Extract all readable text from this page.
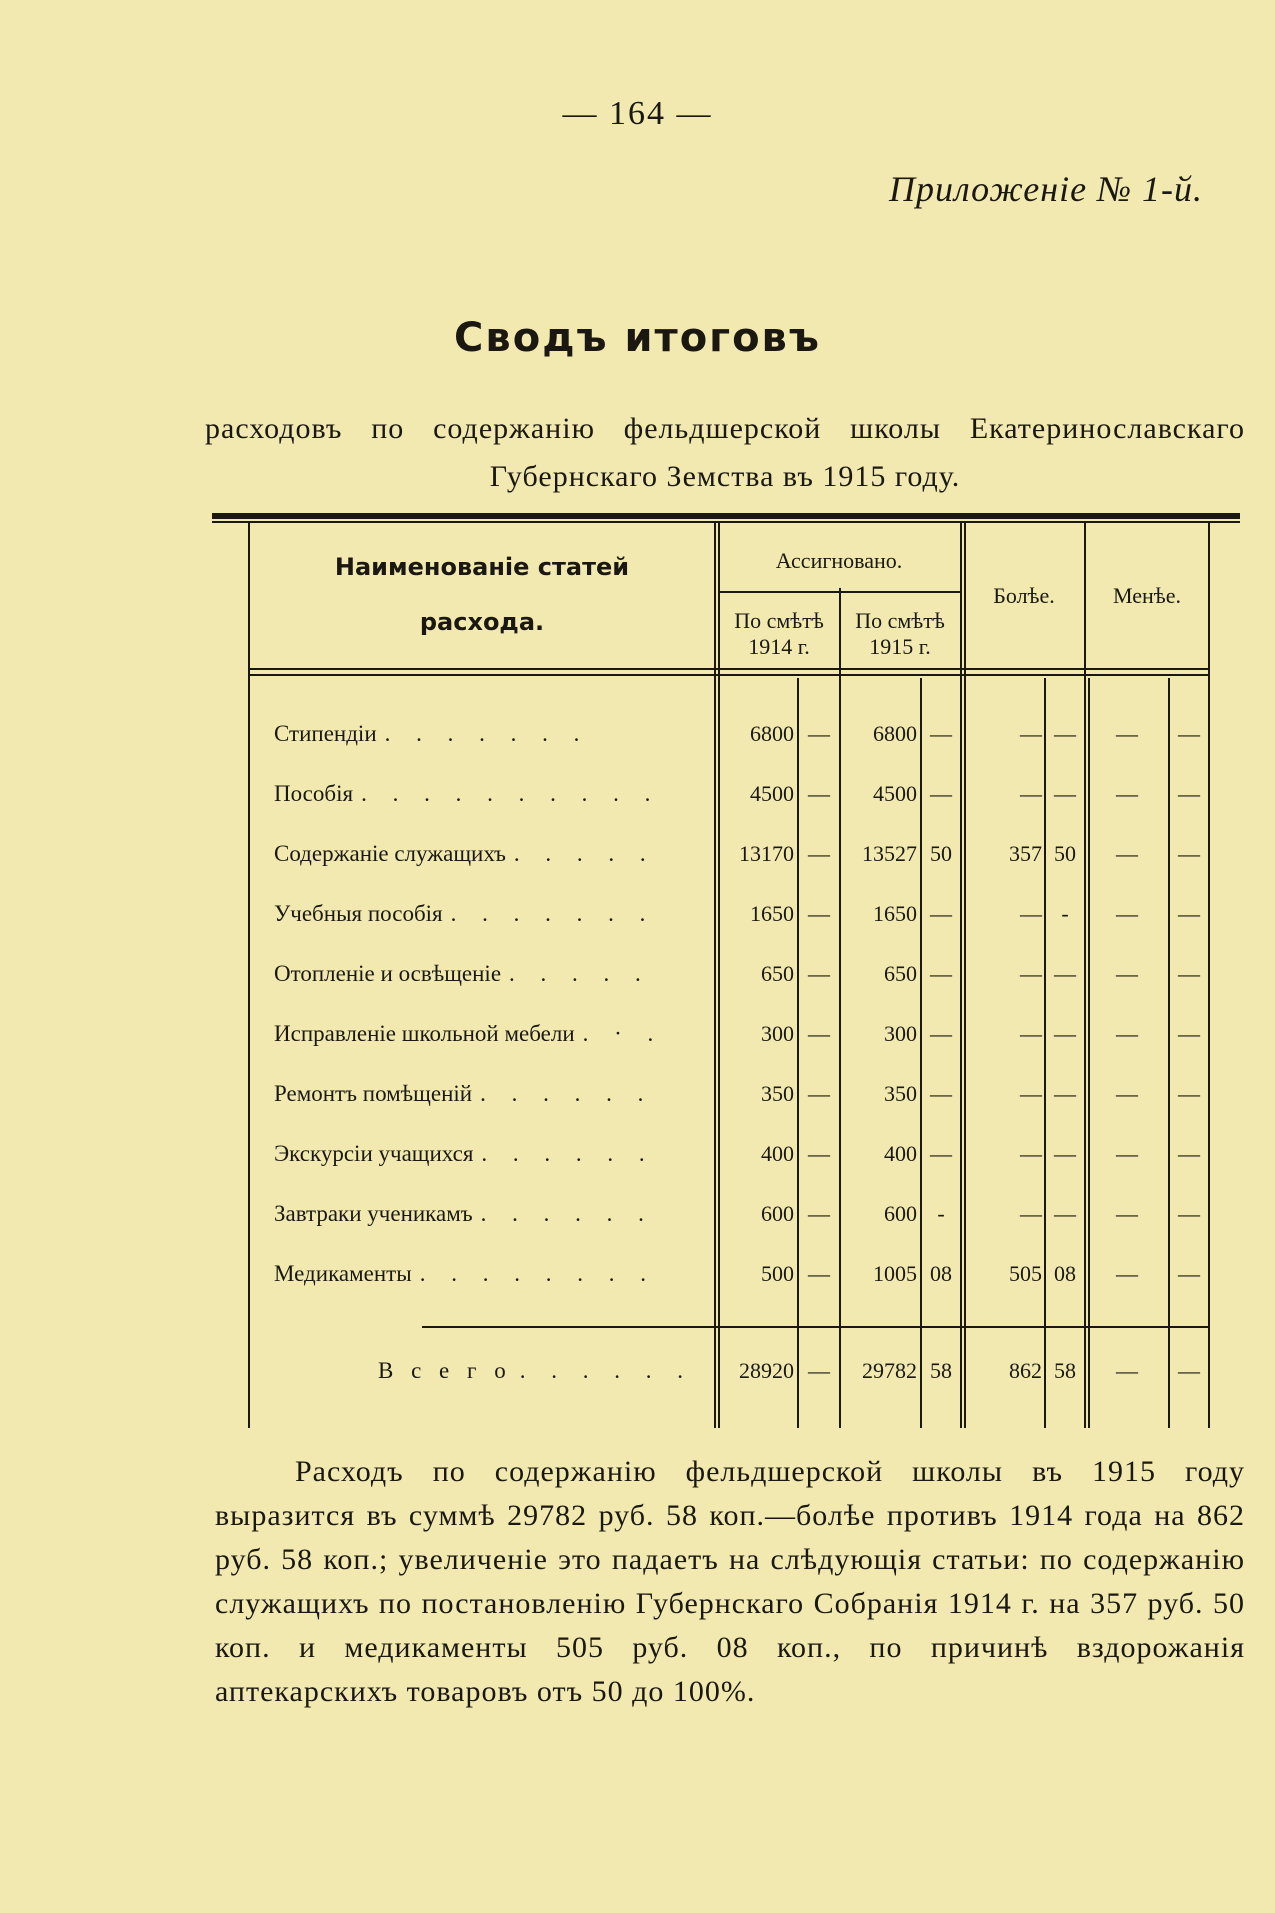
— 164 —
Приложеніе № 1-й.
Сводъ итоговъ
расходовъ по содержанію фельдшерской школы Екатеринославскаго Губернскаго Земства въ 1915 году.
Наименованіе статей
расхода.
Ассигновано.
По смѣтѣ 1914 г.
По смѣтѣ 1915 г.
Болѣе.	Менѣе.
Стипендіи . . . . . . .	6800 —	6800 —	— —	—	—
Пособія . . . . . . . . . .	4500 —	4500 —	— —	—	—
Содержаніе служащихъ . . . . .	13170 —	13527 50	357 50	—	—
Учебныя пособія . . . . . . .	1650 —	1650 —	— -	—	—
Отопленіе и освѣщеніе . . . . .	650 —	650 —	— —	—	—
Исправленіе школьной мебели . · .	300 —	300 —	— —	—	—
Ремонтъ помѣщеній . . . . . .	350 —	350 —	— —	—	—
Экскурсіи учащихся . . . . . .	400 —	400 —	— —	—	—
Завтраки ученикамъ . . . . . .	600 —	600 -	— —	—	—
Медикаменты . . . . . . . .	500 —	1005 08	505 08	—	—
В с е г о . . . . . .	28920 —	29782 58	862 58	—	—
Расходъ по содержанію фельдшерской школы въ 1915 году выразится въ суммѣ 29782 руб. 58 коп.—болѣе противъ 1914 года на 862 руб. 58 коп.; увеличеніе это падаетъ на слѣдующія статьи: по содержанію служащихъ по постановленію Губернскаго Собранія 1914 г. на 357 руб. 50 коп. и медикаменты 505 руб. 08 коп., по причинѣ вздорожанія аптекарскихъ товаровъ отъ 50 до 100%.
